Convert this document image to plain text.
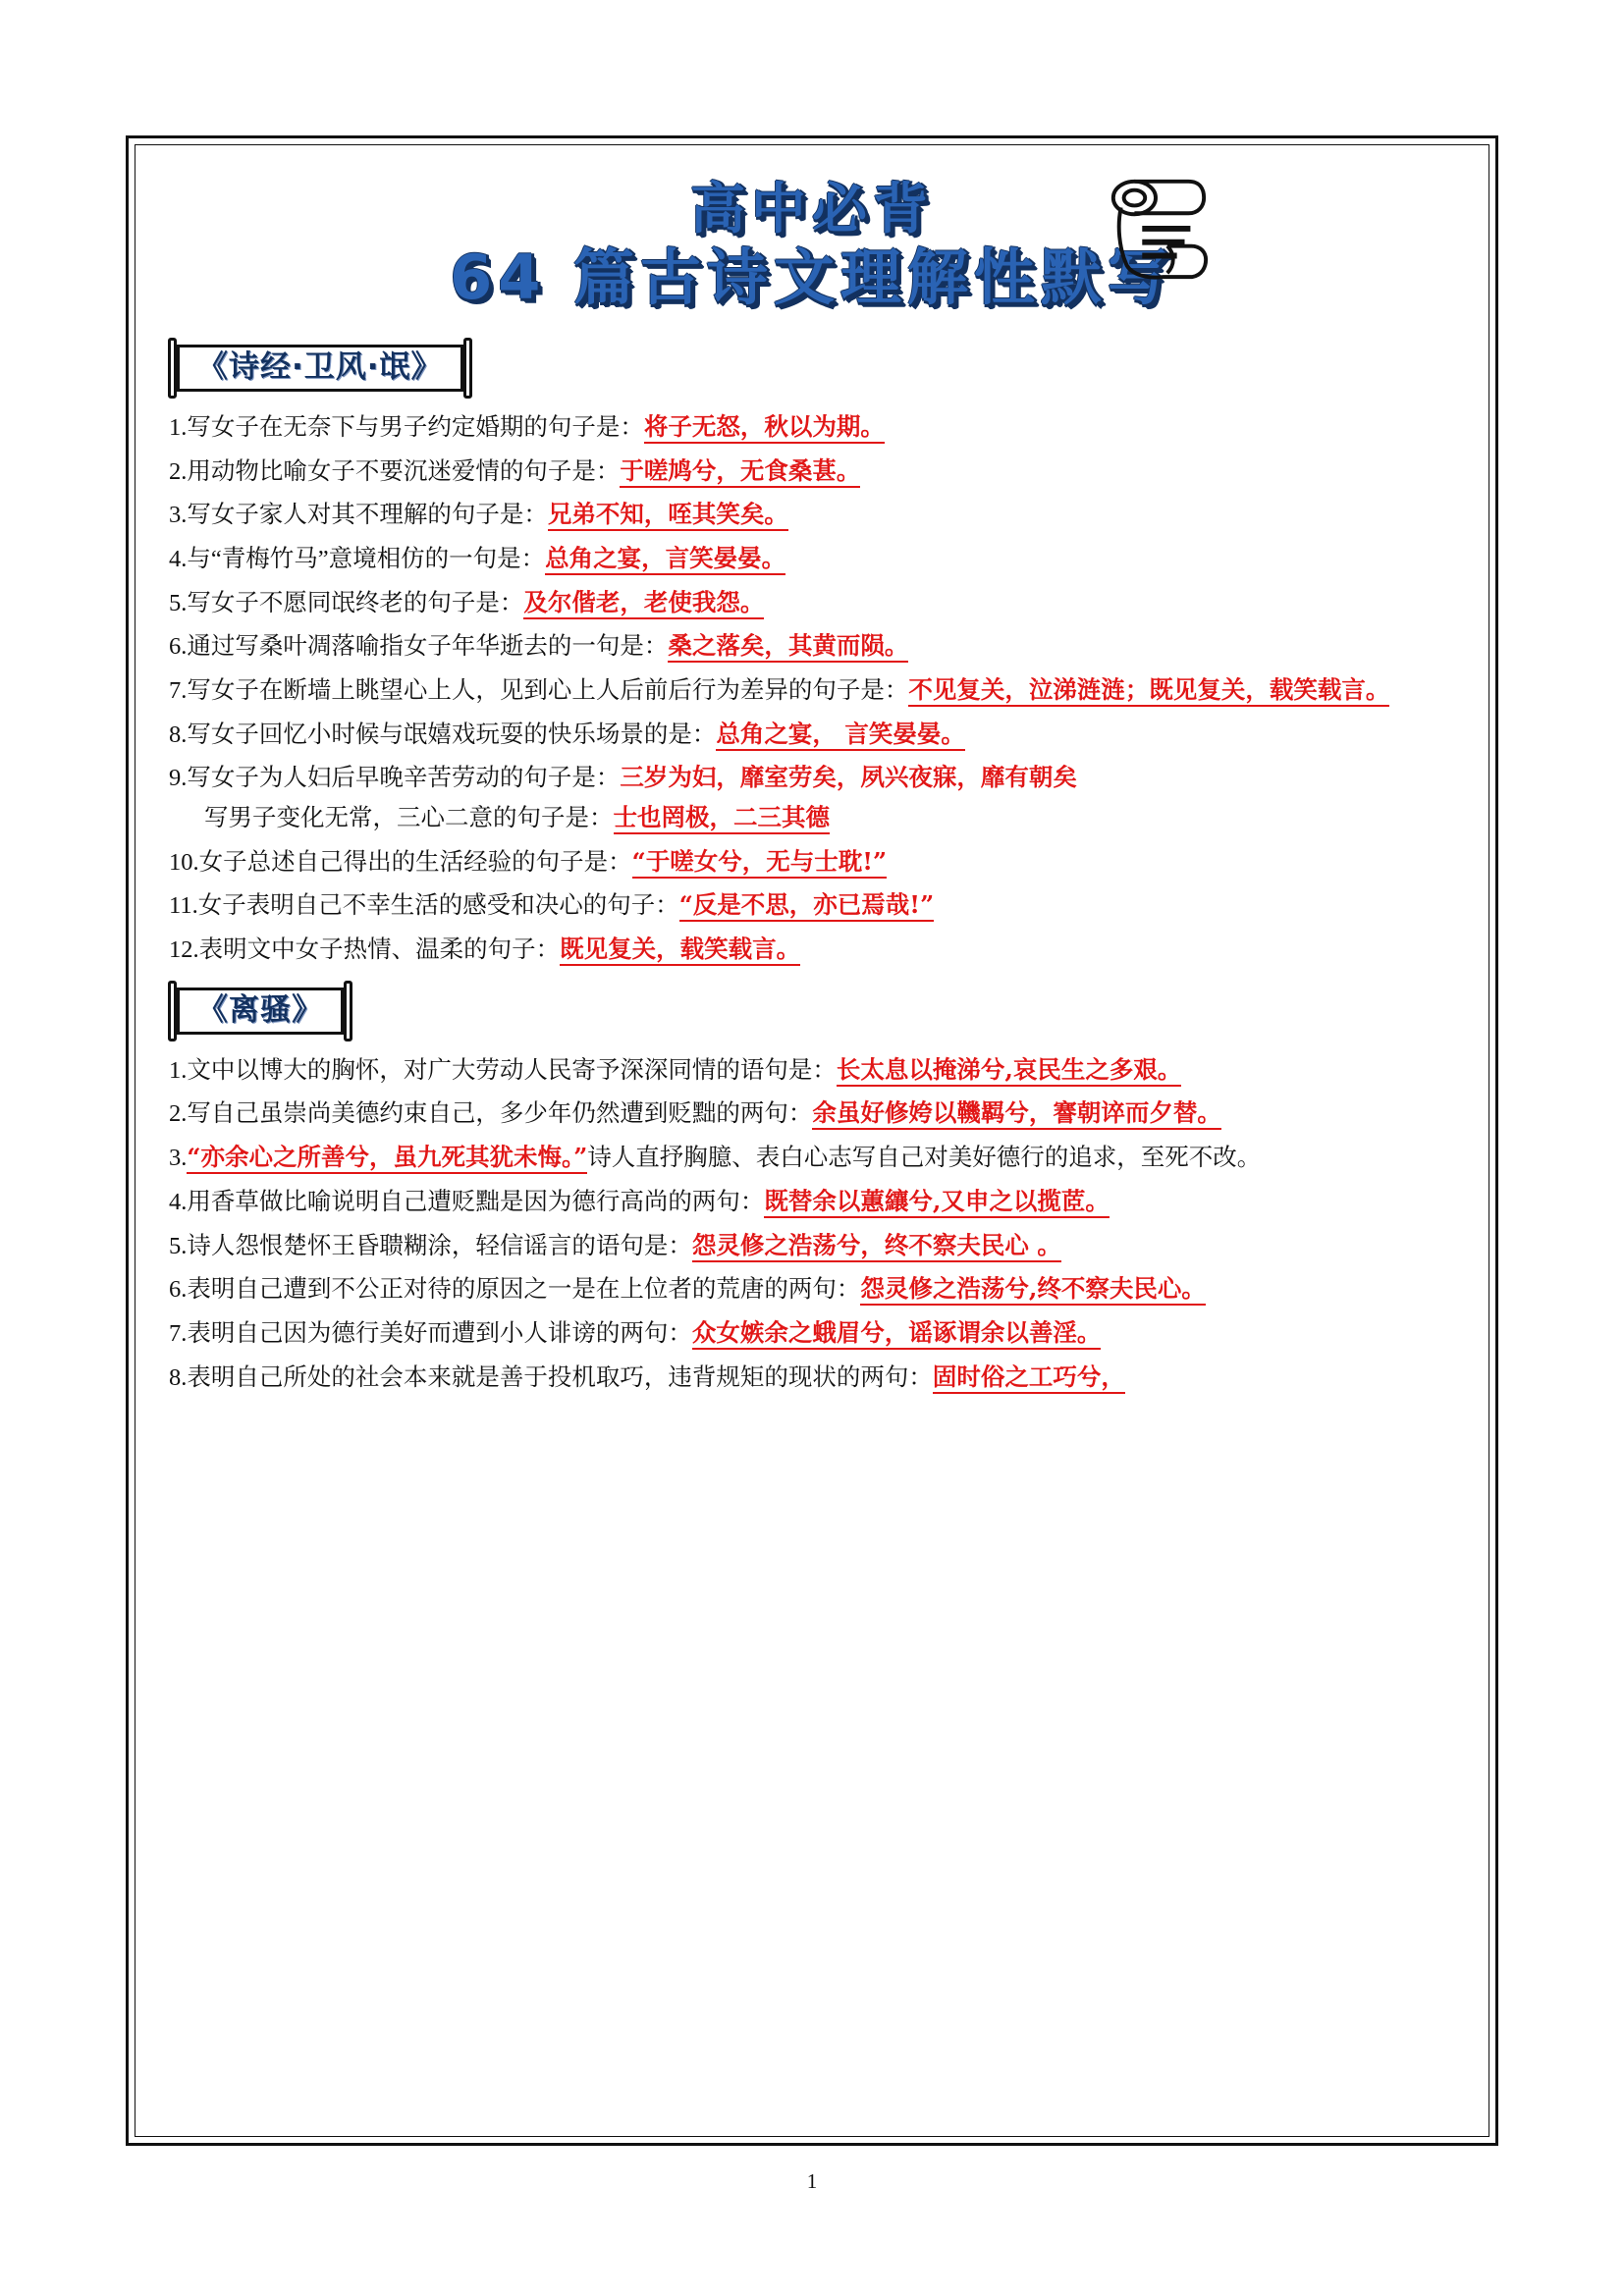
高中必背
64 篇古诗文理解性默写
《诗经·卫风·氓》
1.写女子在无奈下与男子约定婚期的句子是：将子无怒，秋以为期。
2.用动物比喻女子不要沉迷爱情的句子是：于嗟鸠兮，无食桑葚。
3.写女子家人对其不理解的句子是：兄弟不知，咥其笑矣。
4.与“青梅竹马”意境相仿的一句是：总角之宴，言笑晏晏。
5.写女子不愿同氓终老的句子是：及尔偕老，老使我怨。
6.通过写桑叶凋落喻指女子年华逝去的一句是：桑之落矣，其黄而陨。
7.写女子在断墙上眺望心上人，见到心上人后前后行为差异的句子是：不见复关，泣涕涟涟；既见复关，载笑载言。
8.写女子回忆小时候与氓嬉戏玩耍的快乐场景的是：总角之宴， 言笑晏晏。
9.写女子为人妇后早晚辛苦劳动的句子是：三岁为妇，靡室劳矣，夙兴夜寐，靡有朝矣
写男子变化无常，三心二意的句子是：士也罔极，二三其德
10.女子总述自己得出的生活经验的句子是：“于嗟女兮，无与士耽!”
11.女子表明自己不幸生活的感受和决心的句子：“反是不思，亦已焉哉!”
12.表明文中女子热情、温柔的句子：既见复关，载笑载言。
《离骚》
1.文中以博大的胸怀，对广大劳动人民寄予深深同情的语句是：长太息以掩涕兮,哀民生之多艰。
2.写自己虽崇尚美德约束自己，多少年仍然遭到贬黜的两句：余虽好修姱以鞿羁兮，謇朝谇而夕替。
3.“亦余心之所善兮，虽九死其犹未悔。”诗人直抒胸臆、表白心志写自己对美好德行的追求，至死不改。
4.用香草做比喻说明自己遭贬黜是因为德行高尚的两句：既替余以蕙纕兮,又申之以揽茝。
5.诗人怨恨楚怀王昏聩糊涂，轻信谣言的语句是：怨灵修之浩荡兮，终不察夫民心 。
6.表明自己遭到不公正对待的原因之一是在上位者的荒唐的两句：怨灵修之浩荡兮,终不察夫民心。
7.表明自己因为德行美好而遭到小人诽谤的两句：众女嫉余之蛾眉兮，谣诼谓余以善淫。
8.表明自己所处的社会本来就是善于投机取巧，违背规矩的现状的两句：固时俗之工巧兮，
1
